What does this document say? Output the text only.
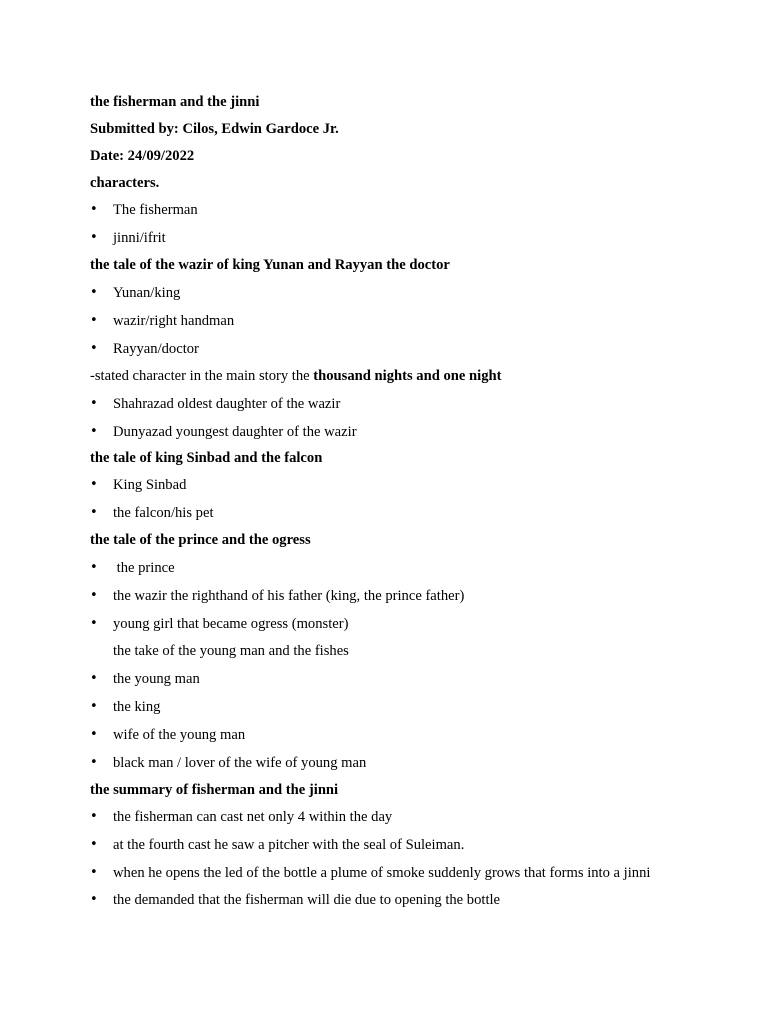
the fisherman and the jinni
Submitted by: Cilos, Edwin Gardoce Jr.
Date: 24/09/2022
characters.
The fisherman
jinni/ifrit
the tale of the wazir of king Yunan and Rayyan the doctor
Yunan/king
wazir/right handman
Rayyan/doctor
-stated character in the main story the thousand nights and one night
Shahrazad oldest daughter of the wazir
Dunyazad youngest daughter of the wazir
the tale of king Sinbad and the falcon
King Sinbad
the falcon/his pet
the tale of the prince and the ogress
the prince
the wazir the righthand of his father (king, the prince father)
young girl that became ogress (monster)
the take of the young man and the fishes
the young man
the king
wife of the young man
black man / lover of the wife of young man
the summary of fisherman and the jinni
the fisherman can cast net only 4 within the day
at the fourth cast he saw a pitcher with the seal of Suleiman.
when he opens the led of the bottle a plume of smoke suddenly grows that forms into a jinni
the demanded that the fisherman will die due to opening the bottle
